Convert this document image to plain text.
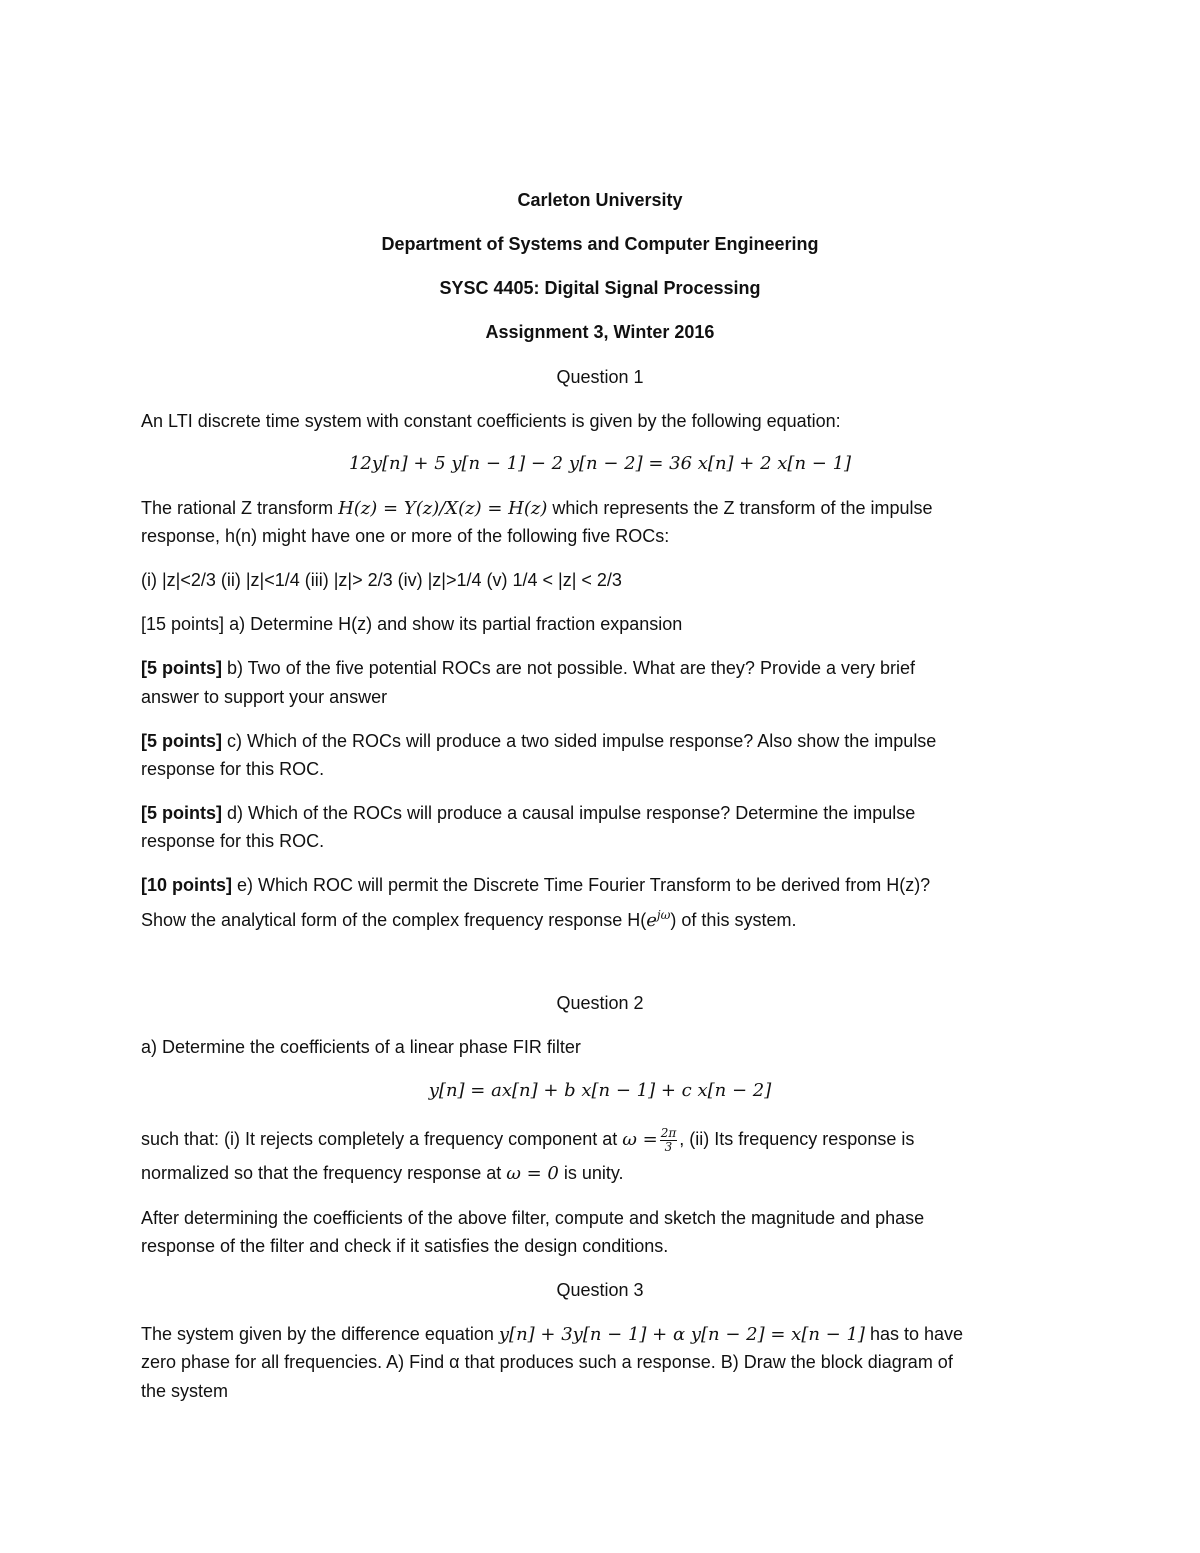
Carleton University
Department of Systems and Computer Engineering
SYSC 4405: Digital Signal Processing
Assignment 3, Winter 2016
Question 1
An LTI discrete time system with constant coefficients is given by the following equation:
12y[n] + 5 y[n − 1] − 2 y[n − 2] = 36 x[n] + 2 x[n − 1]
The rational Z transform H(z) = Y(z)/X(z) = H(z) which represents the Z transform of the impulse
response, h(n) might have one or more of the following five ROCs:
(i) |z|<2/3 (ii) |z|<1/4 (iii) |z|> 2/3 (iv) |z|>1/4 (v) 1/4 < |z| < 2/3
[15 points] a) Determine H(z) and show its partial fraction expansion
[5 points] b) Two of the five potential ROCs are not possible. What are they? Provide a very brief
answer to support your answer
[5 points] c) Which of the ROCs will produce a two sided impulse response? Also show the impulse
response for this ROC.
[5 points] d) Which of the ROCs will produce a causal impulse response? Determine the impulse
response for this ROC.
[10 points] e) Which ROC will permit the Discrete Time Fourier Transform to be derived from H(z)?
Show the analytical form of the complex frequency response $H(e^{j\omega})$ of this system.
Question 2
a) Determine the coefficients of a linear phase FIR filter
y[n] = ax[n] + b x[n − 1] + c x[n − 2]
such that: (i) It rejects completely a frequency component at $\omega = \frac{2\pi}{3}$ , (ii) Its frequency response is
normalized so that the frequency response at ω = 0 is unity.
After determining the coefficients of the above filter, compute and sketch the magnitude and phase
response of the filter and check if it satisfies the design conditions.
Question 3
The system given by the difference equation y[n] + 3y[n − 1] + α y[n − 2] = x[n − 1] has to have
zero phase for all frequencies. A) Find α that produces such a response. B) Draw the block diagram of
the system
